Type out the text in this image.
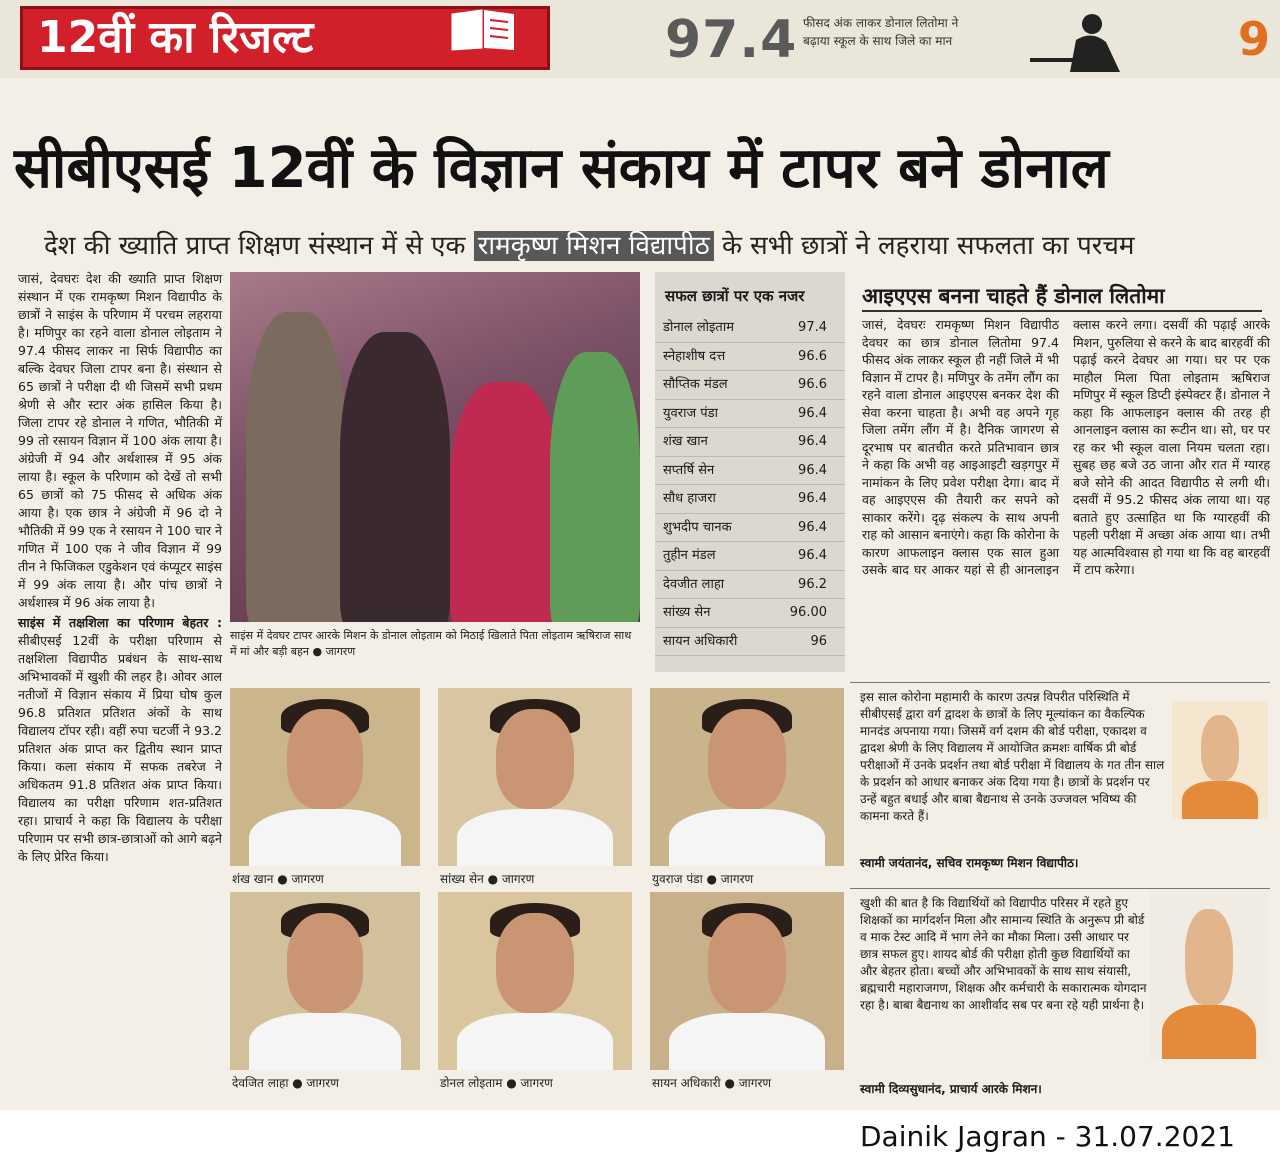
12वीं का रिजल्ट	97.4 फीसद अंक लाकर डोनाल लितोमा ने बढ़ाया स्कूल के साथ जिले का मान	9
सीबीएसई 12वीं के विज्ञान संकाय में टापर बने डोनाल
देश की ख्याति प्राप्त शिक्षण संस्थान में से एक रामकृष्ण मिशन विद्यापीठ के सभी छात्रों ने लहराया सफलता का परचम

जासं, देवघरः देश की ख्याति प्राप्त शिक्षण संस्थान में एक रामकृष्ण मिशन विद्यापीठ के छात्रों ने साइंस के परिणाम में परचम लहराया है। मणिपुर का रहने वाला डोनाल लोइताम ने 97.4 फीसद लाकर ना सिर्फ विद्यापीठ का बल्कि देवघर जिला टापर बना है। संस्थान से 65 छात्रों ने परीक्षा दी थी जिसमें सभी प्रथम श्रेणी से और स्टार अंक हासिल किया है। जिला टापर रहे डोनाल ने गणित, भौतिकी में 99 तो रसायन विज्ञान में 100 अंक लाया है। अंग्रेजी में 94 और अर्थशास्त्र में 95 अंक लाया है। स्कूल के परिणाम को देखें तो सभी 65 छात्रों को 75 फीसद से अधिक अंक आया है। एक छात्र ने अंग्रेजी में 96 दो ने भौतिकी में 99 एक ने रसायन ने 100 चार ने गणित में 100 एक ने जीव विज्ञान में 99 तीन ने फिजिकल एडुकेशन एवं कंप्यूटर साइंस में 99 अंक लाया है। और पांच छात्रों ने अर्थशास्त्र में 96 अंक लाया है।

साइंस में तक्षशिला का परिणाम बेहतर : सीबीएसई 12वीं के परीक्षा परिणाम से तक्षशिला विद्यापीठ प्रबंधन के साथ-साथ अभिभावकों में खुशी की लहर है। ओवर आल नतीजों में विज्ञान संकाय में प्रिया घोष कुल 96.8 प्रतिशत प्रतिशत अंकों के साथ विद्यालय टॉपर रही। वहीं रुपा चटर्जी ने 93.2 प्रतिशत अंक प्राप्त कर द्वितीय स्थान प्राप्त किया। कला संकाय में सफक तबरेज ने अधिकतम 91.8 प्रतिशत अंक प्राप्त किया। विद्यालय का परीक्षा परिणाम शत-प्रतिशत रहा। प्राचार्य ने कहा कि विद्यालय के परीक्षा परिणाम पर सभी छात्र-छात्राओं को आगे बढ़ने के लिए प्रेरित किया।

साइंस में देवघर टापर आरके मिशन के डोनाल लोइताम को मिठाई खिलाते पिता लोइताम ऋषिराज साथ में मां और बड़ी बहन ● जागरण
सफल छात्रों पर एक नजर
डोनाल लोइताम	97.4
स्नेहाशीष दत्त	96.6
सौप्तिक मंडल	96.6
युवराज पंडा	96.4
शंख खान	96.4
सप्तर्षि सेन	96.4
सौध हाजरा	96.4
शुभदीप चानक	96.4
तुहीन मंडल	96.4
देवजीत लाहा	96.2
सांख्य सेन	96.00
सायन अधिकारी	96
आइएएस बनना चाहते हैं डोनाल लितोमा
जासं, देवघरः रामकृष्ण मिशन विद्यापीठ देवघर का छात्र डोनाल लितोमा 97.4 फीसद अंक लाकर स्कूल ही नहीं जिले में भी विज्ञान में टापर है। मणिपुर के तमेंग लौंग का रहने वाला डोनाल आइएएस बनकर देश की सेवा करना चाहता है। अभी वह अपने गृह जिला तमेंग लौंग में है। दैनिक जागरण से दूरभाष पर बातचीत करते प्रतिभावान छात्र ने कहा कि अभी वह आइआइटी खड़गपुर में नामांकन के लिए प्रवेश परीक्षा देगा। बाद में वह आइएएस की तैयारी कर सपने को साकार करेंगे। दृढ़ संकल्प के साथ अपनी राह को आसान बनाएंगे। कहा कि कोरोना के कारण आफलाइन क्लास एक साल हुआ उसके बाद घर आकर यहां से ही आनलाइन क्लास करने लगा। दसवीं की पढ़ाई आरके मिशन, पुरुलिया से करने के बाद बारहवीं की पढ़ाई करने देवघर आ गया। घर पर एक माहौल मिला पिता लोइताम ऋषिराज मणिपुर में स्कूल डिप्टी इंस्पेक्टर हैं। डोनाल ने कहा कि आफलाइन क्लास की तरह ही आनलाइन क्लास का रूटीन था। सो, घर पर रह कर भी स्कूल वाला नियम चलता रहा। सुबह छह बजे उठ जाना और रात में ग्यारह बजे सोने की आदत विद्यापीठ से लगी थी। दसवीं में 95.2 फीसद अंक लाया था। यह बताते हुए उत्साहित था कि ग्यारहवीं की पहली परीक्षा में अच्छा अंक आया था। तभी यह आत्मविश्वास हो गया था कि वह बारहवीं में टाप करेगा।
इस साल कोरोना महामारी के कारण उत्पन्न विपरीत परिस्थिति में सीबीएसई द्वारा वर्ग द्वादश के छात्रों के लिए मूल्यांकन का वैकल्पिक मानदंड अपनाया गया। जिसमें वर्ग दशम की बोर्ड परीक्षा, एकादश व द्वादश श्रेणी के लिए विद्यालय में आयोजित क्रमशः वार्षिक प्री बोर्ड परीक्षाओं में उनके प्रदर्शन तथा बोर्ड परीक्षा में विद्यालय के गत तीन साल के प्रदर्शन को आधार बनाकर अंक दिया गया है। छात्रों के प्रदर्शन पर उन्हें बहुत बधाई और बाबा बैद्यनाथ से उनके उज्जवल भविष्य की कामना करते हैं।
स्वामी जयंतानंद, सचिव रामकृष्ण मिशन विद्यापीठ।
खुशी की बात है कि विद्यार्थियों को विद्यापीठ परिसर में रहते हुए शिक्षकों का मार्गदर्शन मिला और सामान्य स्थिति के अनुरूप प्री बोर्ड व माक टेस्ट आदि में भाग लेने का मौका मिला। उसी आधार पर छात्र सफल हुए। शायद बोर्ड की परीक्षा होती कुछ विद्यार्थियों का और बेहतर होता। बच्चों और अभिभावकों के साथ साथ संयासी, ब्रह्मचारी महाराजगण, शिक्षक और कर्मचारी के सकारात्मक योगदान रहा है। बाबा बैद्यनाथ का आशीर्वाद सब पर बना रहे यही प्रार्थना है।
स्वामी दिव्यसुधानंद, प्राचार्य आरके मिशन।
शंख खान ● जागरण	सांख्य सेन ● जागरण	युवराज पंडा ● जागरण
देवजित लाहा ● जागरण	डोनल लोइताम ● जागरण	सायन अधिकारी ● जागरण
Dainik Jagran - 31.07.2021
